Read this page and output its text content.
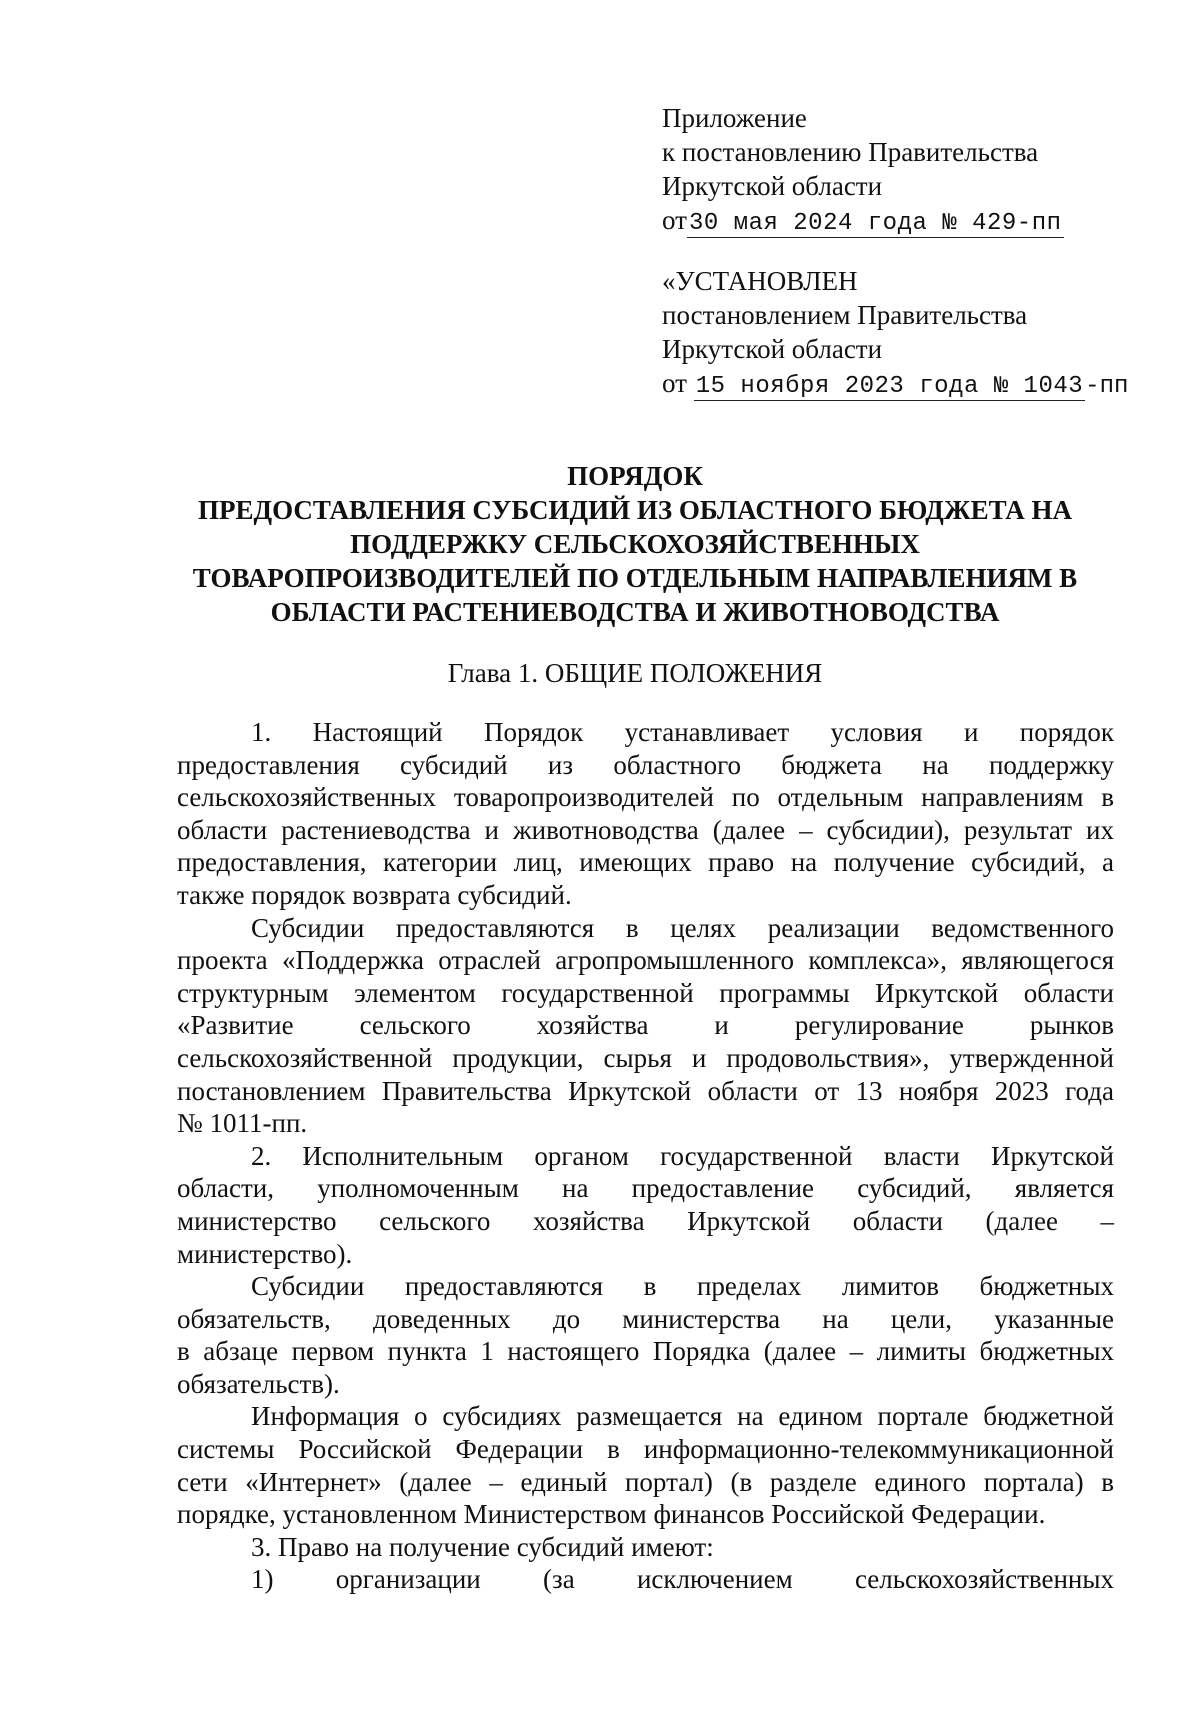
Приложение
к постановлению Правительства
Иркутской области
от30 мая 2024 года № 429-пп
«УСТАНОВЛЕН
постановлением Правительства
Иркутской области
от 15 ноября 2023 года № 1043-пп
ПОРЯДОК
ПРЕДОСТАВЛЕНИЯ СУБСИДИЙ ИЗ ОБЛАСТНОГО БЮДЖЕТА НА
ПОДДЕРЖКУ СЕЛЬСКОХОЗЯЙСТВЕННЫХ
ТОВАРОПРОИЗВОДИТЕЛЕЙ ПО ОТДЕЛЬНЫМ НАПРАВЛЕНИЯМ В
ОБЛАСТИ РАСТЕНИЕВОДСТВА И ЖИВОТНОВОДСТВА
Глава 1. ОБЩИЕ ПОЛОЖЕНИЯ

1. Настоящий Порядок устанавливает условия и порядок
предоставления субсидий из областного бюджета на поддержку
сельскохозяйственных товаропроизводителей по отдельным направлениям в
области растениеводства и животноводства (далее – субсидии), результат их
предоставления, категории лиц, имеющих право на получение субсидий, а
также порядок возврата субсидий.

Субсидии предоставляются в целях реализации ведомственного
проекта «Поддержка отраслей агропромышленного комплекса», являющегося
структурным элементом государственной программы Иркутской области
«Развитие сельского хозяйства и регулирование рынков
сельскохозяйственной продукции, сырья и продовольствия», утвержденной
постановлением Правительства Иркутской области от 13 ноября 2023 года
№ 1011-пп.

2. Исполнительным органом государственной власти Иркутской
области, уполномоченным на предоставление субсидий, является
министерство сельского хозяйства Иркутской области (далее –
министерство).

Субсидии предоставляются в пределах лимитов бюджетных
обязательств, доведенных до министерства на цели, указанные
в абзаце первом пункта 1 настоящего Порядка (далее – лимиты бюджетных
обязательств).

Информация о субсидиях размещается на едином портале бюджетной
системы Российской Федерации в информационно-телекоммуникационной
сети «Интернет» (далее – единый портал) (в разделе единого портала) в
порядке, установленном Министерством финансов Российской Федерации.

3. Право на получение субсидий имеют:

1) организации (за исключением сельскохозяйственных
